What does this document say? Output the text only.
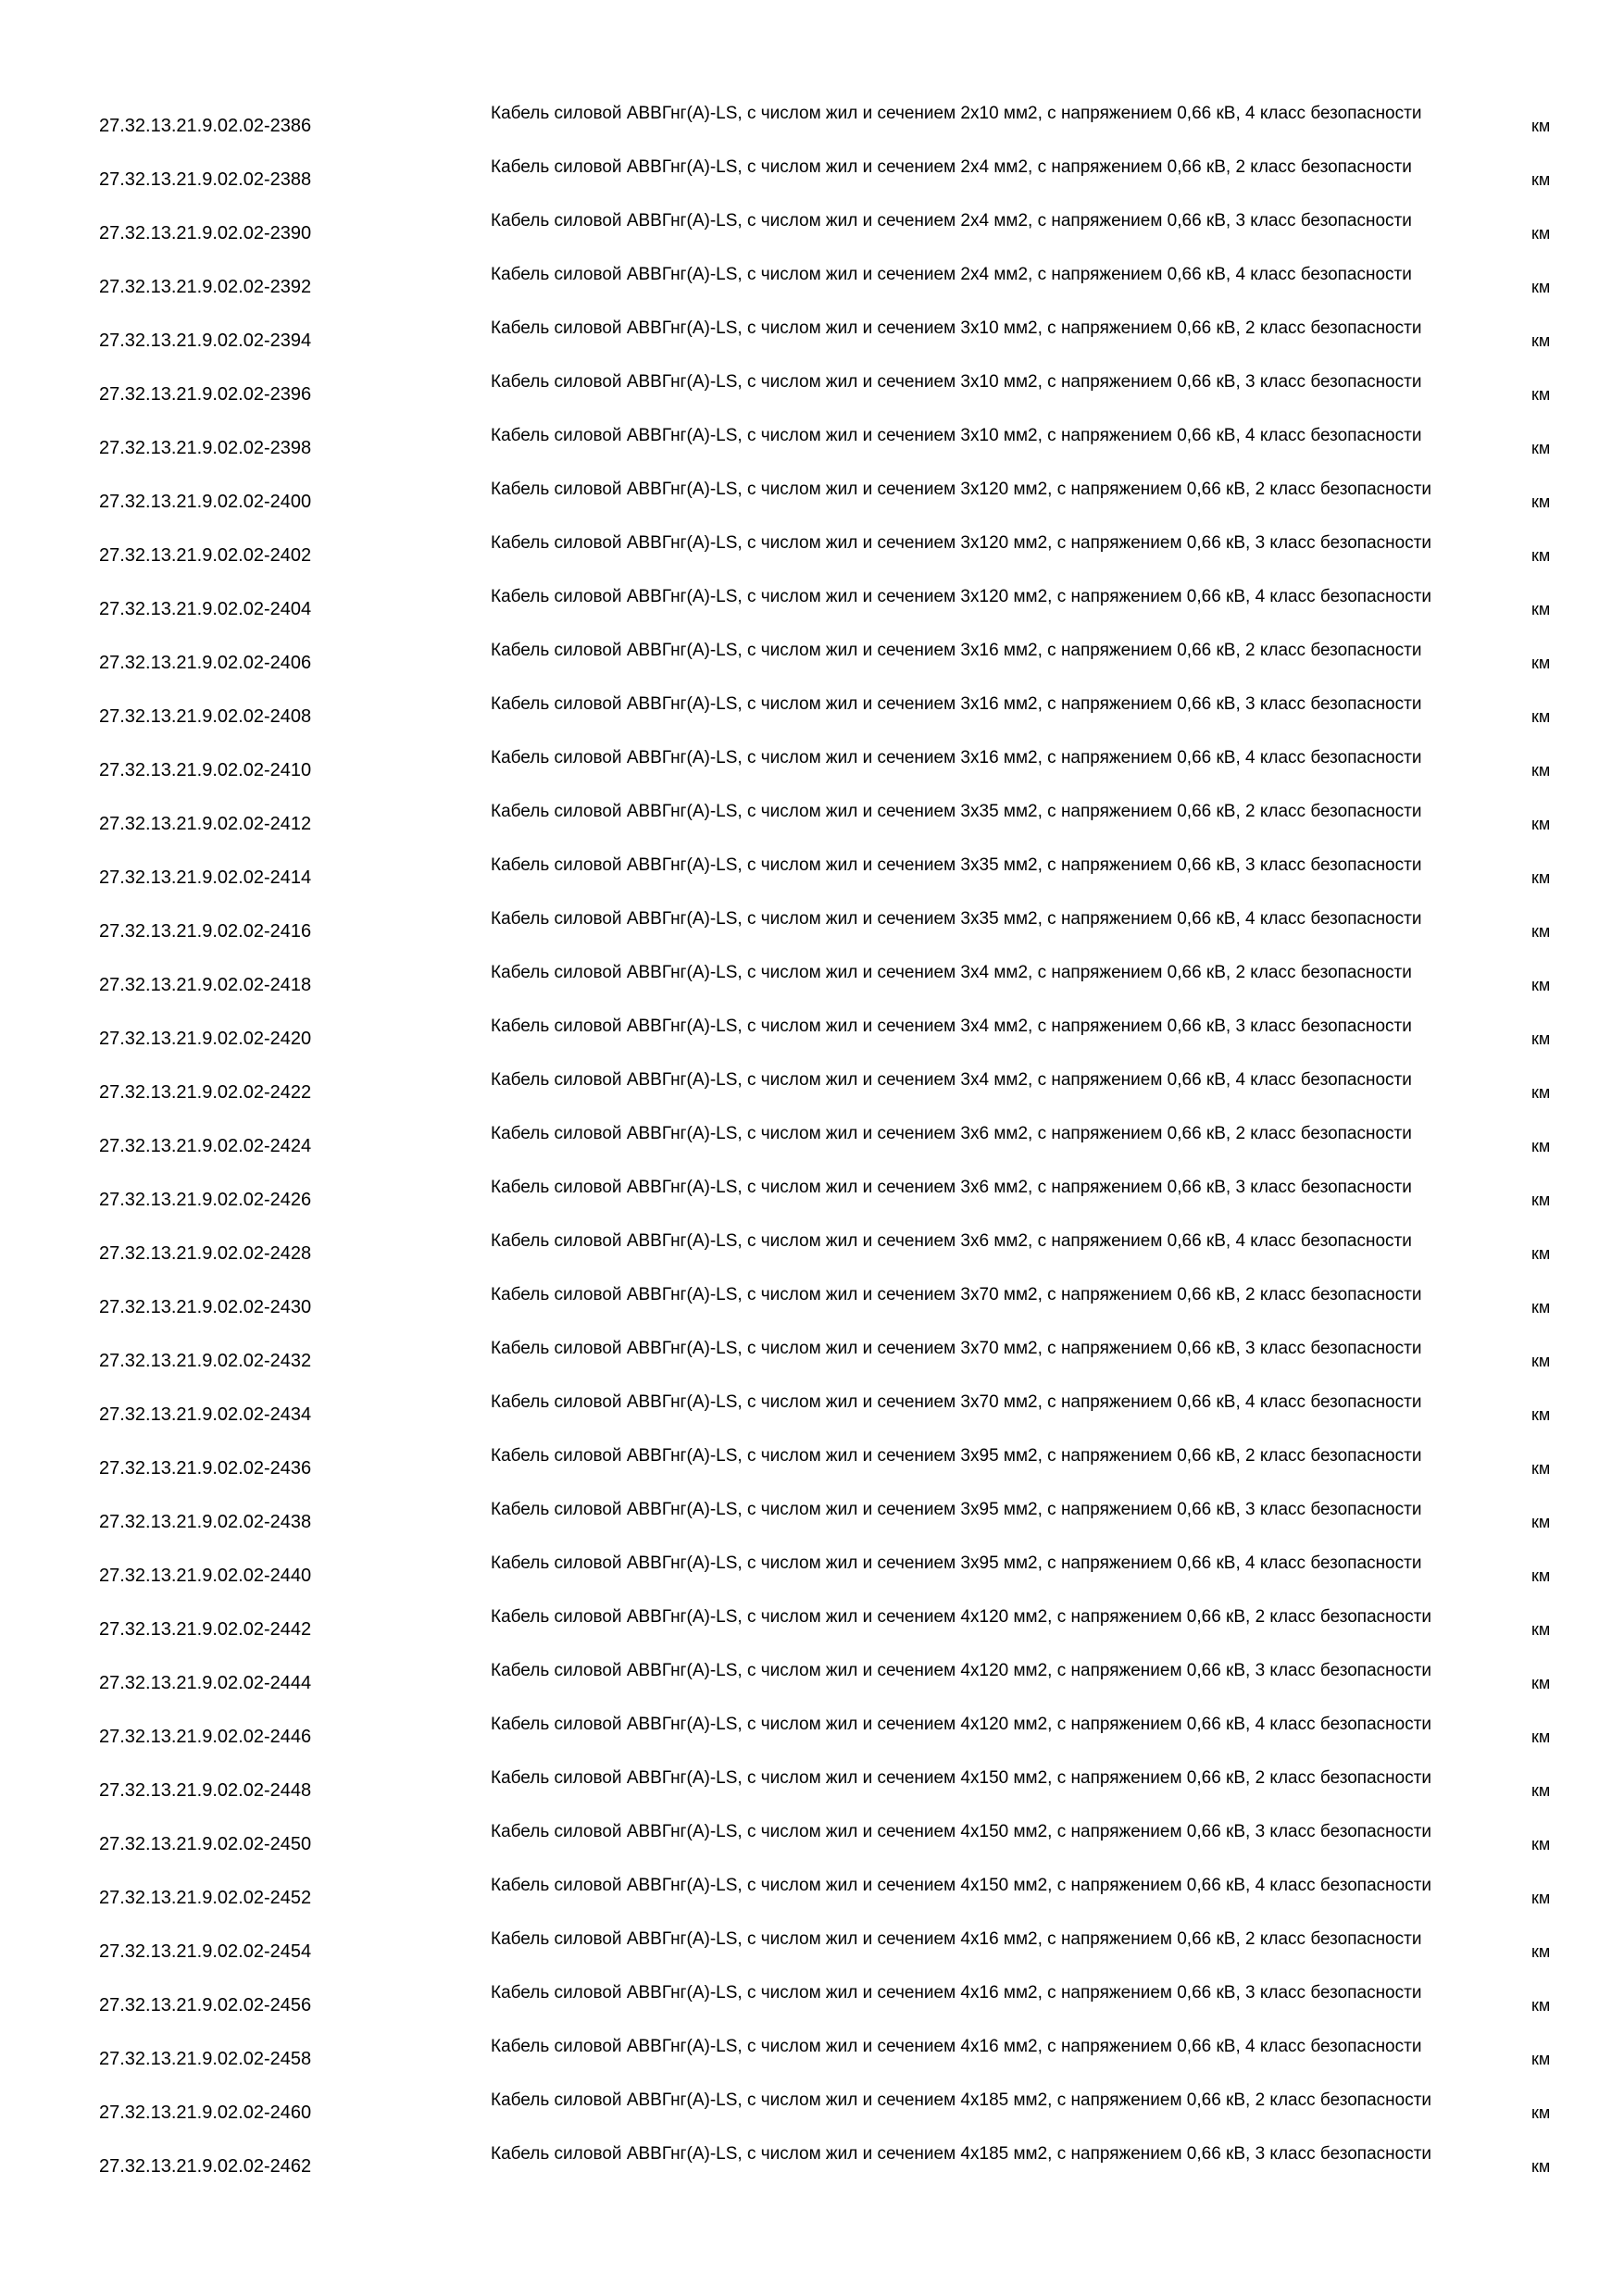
27.32.13.21.9.02.02-2386
Кабель силовой АВВГнг(А)-LS, с числом жил и сечением 2х10 мм2, с напряжением 0,66 кВ, 4 класс безопасности
км
27.32.13.21.9.02.02-2388
Кабель силовой АВВГнг(А)-LS, с числом жил и сечением 2х4 мм2, с напряжением 0,66 кВ, 2 класс безопасности
км
27.32.13.21.9.02.02-2390
Кабель силовой АВВГнг(А)-LS, с числом жил и сечением 2х4 мм2, с напряжением 0,66 кВ, 3 класс безопасности
км
27.32.13.21.9.02.02-2392
Кабель силовой АВВГнг(А)-LS, с числом жил и сечением 2х4 мм2, с напряжением 0,66 кВ, 4 класс безопасности
км
27.32.13.21.9.02.02-2394
Кабель силовой АВВГнг(А)-LS, с числом жил и сечением 3х10 мм2, с напряжением 0,66 кВ, 2 класс безопасности
км
27.32.13.21.9.02.02-2396
Кабель силовой АВВГнг(А)-LS, с числом жил и сечением 3х10 мм2, с напряжением 0,66 кВ, 3 класс безопасности
км
27.32.13.21.9.02.02-2398
Кабель силовой АВВГнг(А)-LS, с числом жил и сечением 3х10 мм2, с напряжением 0,66 кВ, 4 класс безопасности
км
27.32.13.21.9.02.02-2400
Кабель силовой АВВГнг(А)-LS, с числом жил и сечением 3х120 мм2, с напряжением 0,66 кВ, 2 класс безопасности
км
27.32.13.21.9.02.02-2402
Кабель силовой АВВГнг(А)-LS, с числом жил и сечением 3х120 мм2, с напряжением 0,66 кВ, 3 класс безопасности
км
27.32.13.21.9.02.02-2404
Кабель силовой АВВГнг(А)-LS, с числом жил и сечением 3х120 мм2, с напряжением 0,66 кВ, 4 класс безопасности
км
27.32.13.21.9.02.02-2406
Кабель силовой АВВГнг(А)-LS, с числом жил и сечением 3х16 мм2, с напряжением 0,66 кВ, 2 класс безопасности
км
27.32.13.21.9.02.02-2408
Кабель силовой АВВГнг(А)-LS, с числом жил и сечением 3х16 мм2, с напряжением 0,66 кВ, 3 класс безопасности
км
27.32.13.21.9.02.02-2410
Кабель силовой АВВГнг(А)-LS, с числом жил и сечением 3х16 мм2, с напряжением 0,66 кВ, 4 класс безопасности
км
27.32.13.21.9.02.02-2412
Кабель силовой АВВГнг(А)-LS, с числом жил и сечением 3х35 мм2, с напряжением 0,66 кВ, 2 класс безопасности
км
27.32.13.21.9.02.02-2414
Кабель силовой АВВГнг(А)-LS, с числом жил и сечением 3х35 мм2, с напряжением 0,66 кВ, 3 класс безопасности
км
27.32.13.21.9.02.02-2416
Кабель силовой АВВГнг(А)-LS, с числом жил и сечением 3х35 мм2, с напряжением 0,66 кВ, 4 класс безопасности
км
27.32.13.21.9.02.02-2418
Кабель силовой АВВГнг(А)-LS, с числом жил и сечением 3х4 мм2, с напряжением 0,66 кВ, 2 класс безопасности
км
27.32.13.21.9.02.02-2420
Кабель силовой АВВГнг(А)-LS, с числом жил и сечением 3х4 мм2, с напряжением 0,66 кВ, 3 класс безопасности
км
27.32.13.21.9.02.02-2422
Кабель силовой АВВГнг(А)-LS, с числом жил и сечением 3х4 мм2, с напряжением 0,66 кВ, 4 класс безопасности
км
27.32.13.21.9.02.02-2424
Кабель силовой АВВГнг(А)-LS, с числом жил и сечением 3х6 мм2, с напряжением 0,66 кВ, 2 класс безопасности
км
27.32.13.21.9.02.02-2426
Кабель силовой АВВГнг(А)-LS, с числом жил и сечением 3х6 мм2, с напряжением 0,66 кВ, 3 класс безопасности
км
27.32.13.21.9.02.02-2428
Кабель силовой АВВГнг(А)-LS, с числом жил и сечением 3х6 мм2, с напряжением 0,66 кВ, 4 класс безопасности
км
27.32.13.21.9.02.02-2430
Кабель силовой АВВГнг(А)-LS, с числом жил и сечением 3х70 мм2, с напряжением 0,66 кВ, 2 класс безопасности
км
27.32.13.21.9.02.02-2432
Кабель силовой АВВГнг(А)-LS, с числом жил и сечением 3х70 мм2, с напряжением 0,66 кВ, 3 класс безопасности
км
27.32.13.21.9.02.02-2434
Кабель силовой АВВГнг(А)-LS, с числом жил и сечением 3х70 мм2, с напряжением 0,66 кВ, 4 класс безопасности
км
27.32.13.21.9.02.02-2436
Кабель силовой АВВГнг(А)-LS, с числом жил и сечением 3х95 мм2, с напряжением 0,66 кВ, 2 класс безопасности
км
27.32.13.21.9.02.02-2438
Кабель силовой АВВГнг(А)-LS, с числом жил и сечением 3х95 мм2, с напряжением 0,66 кВ, 3 класс безопасности
км
27.32.13.21.9.02.02-2440
Кабель силовой АВВГнг(А)-LS, с числом жил и сечением 3х95 мм2, с напряжением 0,66 кВ, 4 класс безопасности
км
27.32.13.21.9.02.02-2442
Кабель силовой АВВГнг(А)-LS, с числом жил и сечением 4х120 мм2, с напряжением 0,66 кВ, 2 класс безопасности
км
27.32.13.21.9.02.02-2444
Кабель силовой АВВГнг(А)-LS, с числом жил и сечением 4х120 мм2, с напряжением 0,66 кВ, 3 класс безопасности
км
27.32.13.21.9.02.02-2446
Кабель силовой АВВГнг(А)-LS, с числом жил и сечением 4х120 мм2, с напряжением 0,66 кВ, 4 класс безопасности
км
27.32.13.21.9.02.02-2448
Кабель силовой АВВГнг(А)-LS, с числом жил и сечением 4х150 мм2, с напряжением 0,66 кВ, 2 класс безопасности
км
27.32.13.21.9.02.02-2450
Кабель силовой АВВГнг(А)-LS, с числом жил и сечением 4х150 мм2, с напряжением 0,66 кВ, 3 класс безопасности
км
27.32.13.21.9.02.02-2452
Кабель силовой АВВГнг(А)-LS, с числом жил и сечением 4х150 мм2, с напряжением 0,66 кВ, 4 класс безопасности
км
27.32.13.21.9.02.02-2454
Кабель силовой АВВГнг(А)-LS, с числом жил и сечением 4х16 мм2, с напряжением 0,66 кВ, 2 класс безопасности
км
27.32.13.21.9.02.02-2456
Кабель силовой АВВГнг(А)-LS, с числом жил и сечением 4х16 мм2, с напряжением 0,66 кВ, 3 класс безопасности
км
27.32.13.21.9.02.02-2458
Кабель силовой АВВГнг(А)-LS, с числом жил и сечением 4х16 мм2, с напряжением 0,66 кВ, 4 класс безопасности
км
27.32.13.21.9.02.02-2460
Кабель силовой АВВГнг(А)-LS, с числом жил и сечением 4х185 мм2, с напряжением 0,66 кВ, 2 класс безопасности
км
27.32.13.21.9.02.02-2462
Кабель силовой АВВГнг(А)-LS, с числом жил и сечением 4х185 мм2, с напряжением 0,66 кВ, 3 класс безопасности
км
